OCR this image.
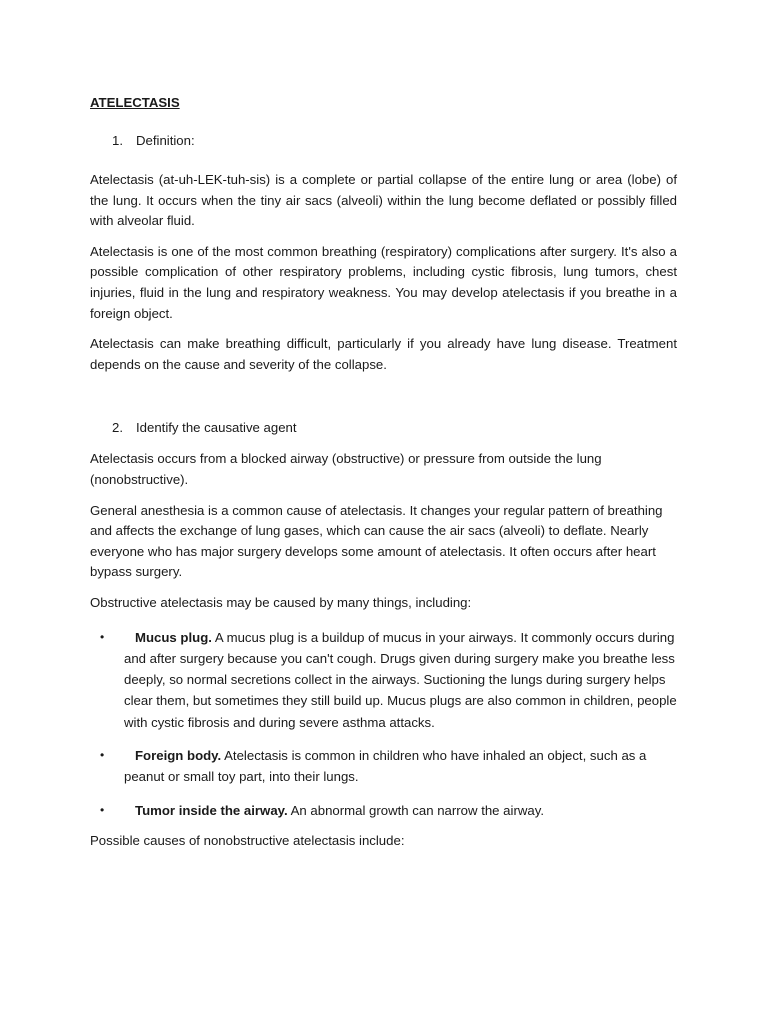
ATELECTASIS

1. Definition:

Atelectasis (at-uh-LEK-tuh-sis) is a complete or partial collapse of the entire lung or area (lobe) of the lung. It occurs when the tiny air sacs (alveoli) within the lung become deflated or possibly filled with alveolar fluid.

Atelectasis is one of the most common breathing (respiratory) complications after surgery. It's also a possible complication of other respiratory problems, including cystic fibrosis, lung tumors, chest injuries, fluid in the lung and respiratory weakness. You may develop atelectasis if you breathe in a foreign object.

Atelectasis can make breathing difficult, particularly if you already have lung disease. Treatment depends on the cause and severity of the collapse.

2. Identify the causative agent

Atelectasis occurs from a blocked airway (obstructive) or pressure from outside the lung (nonobstructive).

General anesthesia is a common cause of atelectasis. It changes your regular pattern of breathing and affects the exchange of lung gases, which can cause the air sacs (alveoli) to deflate. Nearly everyone who has major surgery develops some amount of atelectasis. It often occurs after heart bypass surgery.

Obstructive atelectasis may be caused by many things, including:

•	Mucus plug. A mucus plug is a buildup of mucus in your airways. It commonly occurs during and after surgery because you can't cough. Drugs given during surgery make you breathe less deeply, so normal secretions collect in the airways. Suctioning the lungs during surgery helps clear them, but sometimes they still build up. Mucus plugs are also common in children, people with cystic fibrosis and during severe asthma attacks.
•	Foreign body. Atelectasis is common in children who have inhaled an object, such as a peanut or small toy part, into their lungs.
•	Tumor inside the airway. An abnormal growth can narrow the airway.

Possible causes of nonobstructive atelectasis include:
